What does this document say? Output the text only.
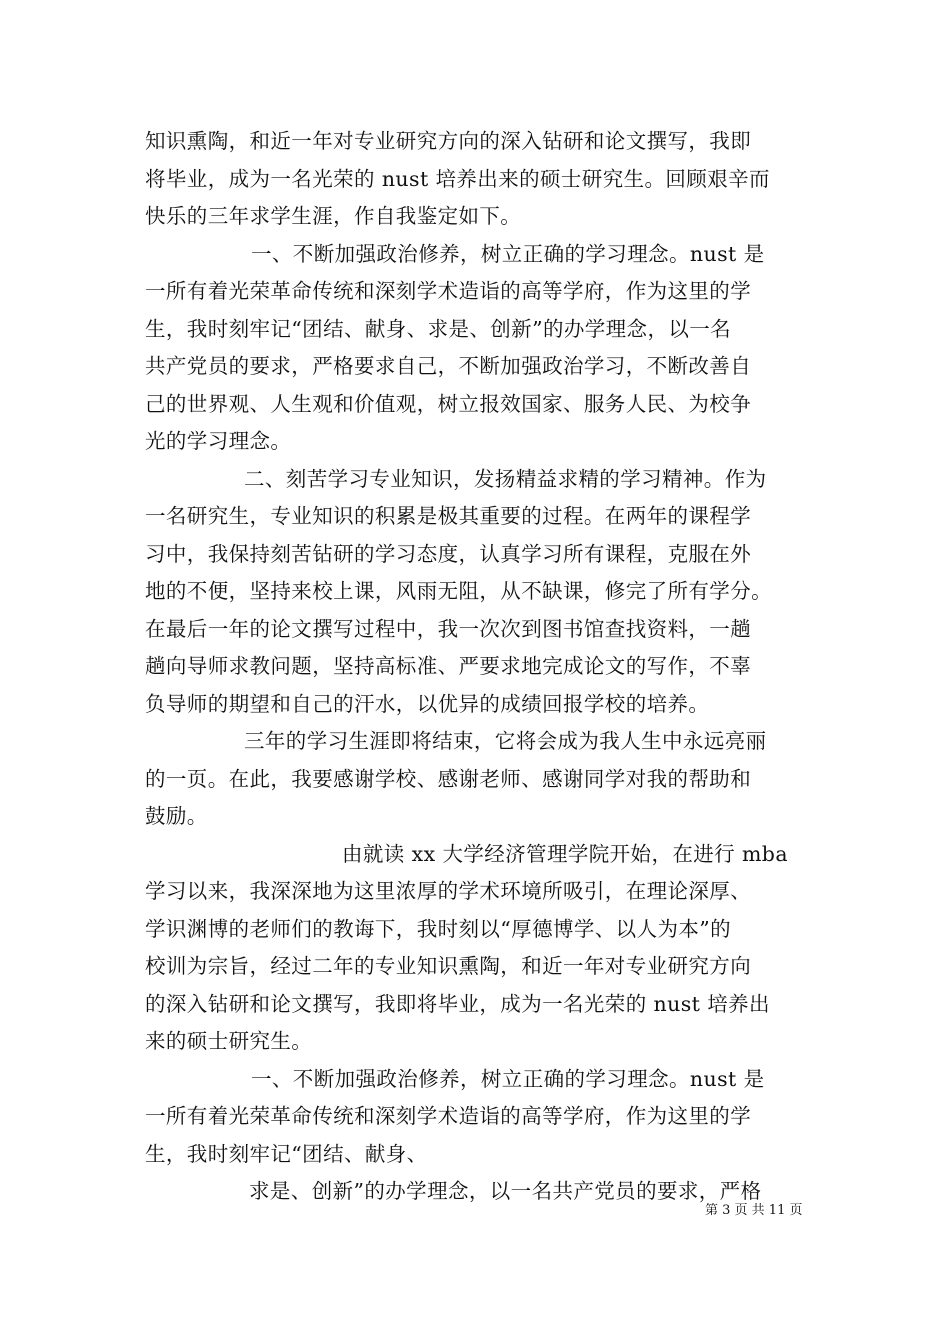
知识熏陶，和近一年对专业研究方向的深入钻研和论文撰写，我即
将毕业，成为一名光荣的 nust 培养出来的硕士研究生。回顾艰辛而
快乐的三年求学生涯，作自我鉴定如下。
一、不断加强政治修养，树立正确的学习理念。nust 是
一所有着光荣革命传统和深刻学术造诣的高等学府，作为这里的学
生，我时刻牢记“团结、献身、求是、创新”的办学理念，以一名
共产党员的要求，严格要求自己，不断加强政治学习，不断改善自
己的世界观、人生观和价值观，树立报效国家、服务人民、为校争
光的学习理念。
二、刻苦学习专业知识，发扬精益求精的学习精神。作为
一名研究生，专业知识的积累是极其重要的过程。在两年的课程学
习中，我保持刻苦钻研的学习态度，认真学习所有课程，克服在外
地的不便，坚持来校上课，风雨无阻，从不缺课，修完了所有学分。
在最后一年的论文撰写过程中，我一次次到图书馆查找资料，一趟
趟向导师求教问题，坚持高标准、严要求地完成论文的写作，不辜
负导师的期望和自己的汗水，以优异的成绩回报学校的培养。
三年的学习生涯即将结束，它将会成为我人生中永远亮丽
的一页。在此，我要感谢学校、感谢老师、感谢同学对我的帮助和
鼓励。
由就读 xx 大学经济管理学院开始，在进行 mba
学习以来，我深深地为这里浓厚的学术环境所吸引，在理论深厚、
学识渊博的老师们的教诲下，我时刻以“厚德博学、以人为本”的
校训为宗旨，经过二年的专业知识熏陶，和近一年对专业研究方向
的深入钻研和论文撰写，我即将毕业，成为一名光荣的 nust 培养出
来的硕士研究生。
一、不断加强政治修养，树立正确的学习理念。nust 是
一所有着光荣革命传统和深刻学术造诣的高等学府，作为这里的学
生，我时刻牢记“团结、献身、
求是、创新”的办学理念，以一名共产党员的要求，严格
第 3 页 共 11 页
